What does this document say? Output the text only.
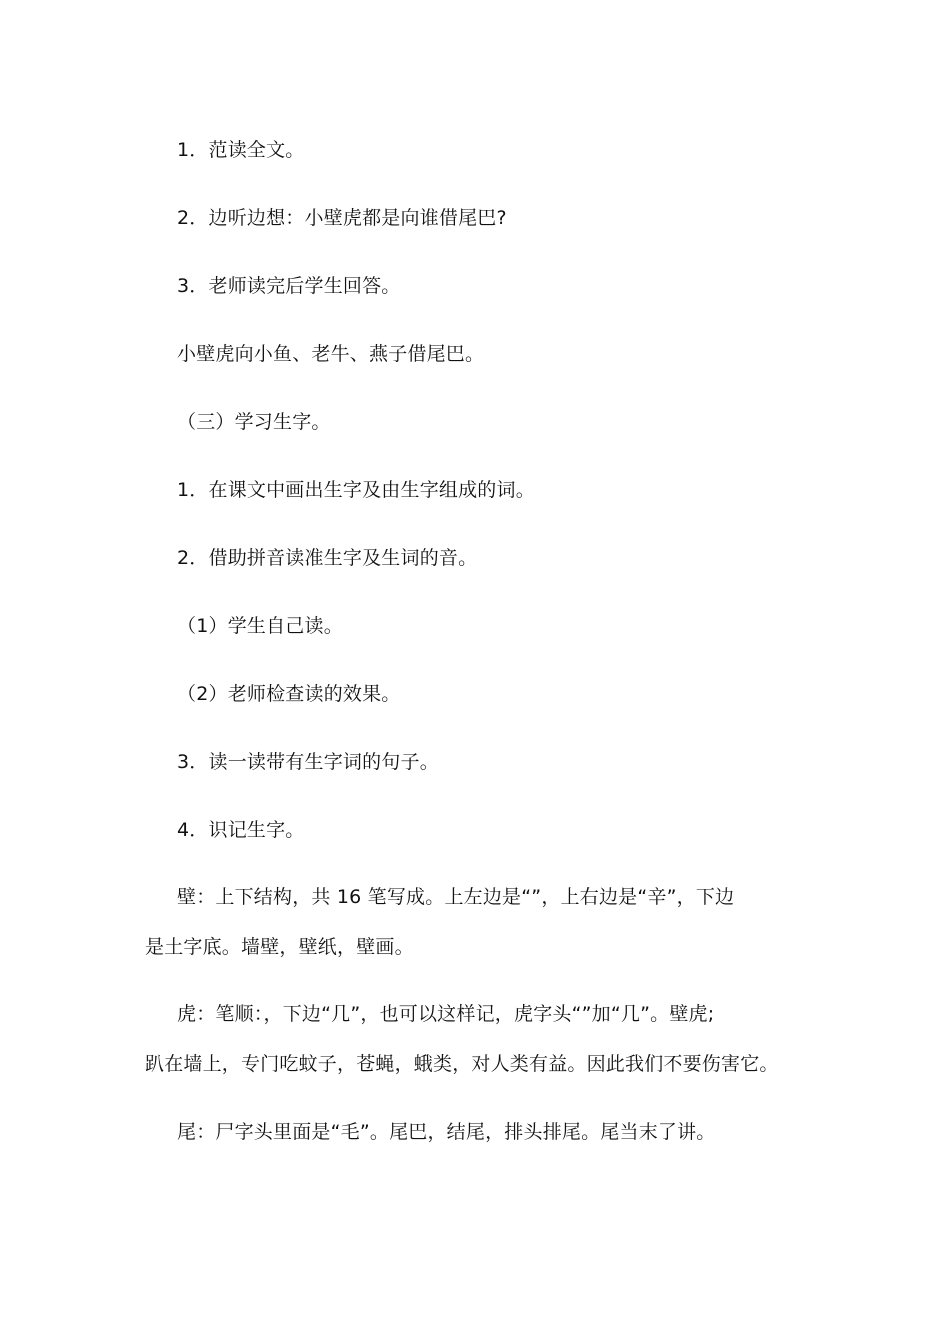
1．范读全文。
2．边听边想：小壁虎都是向谁借尾巴?
3．老师读完后学生回答。
小壁虎向小鱼、老牛、燕子借尾巴。
（三）学习生字。
1．在课文中画出生字及由生字组成的词。
2．借助拼音读准生字及生词的音。
（1）学生自己读。
（2）老师检查读的效果。
3．读一读带有生字词的句子。
4．识记生字。
壁：上下结构，共 16 笔写成。上左边是“”，上右边是“辛”，下边
是土字底。墙壁，壁纸，壁画。
虎：笔顺：，下边“几”，也可以这样记，虎字头“”加“几”。壁虎;
趴在墙上，专门吃蚊子，苍蝇，蛾类，对人类有益。因此我们不要伤害它。
尾：尸字头里面是“毛”。尾巴，结尾，排头排尾。尾当末了讲。
